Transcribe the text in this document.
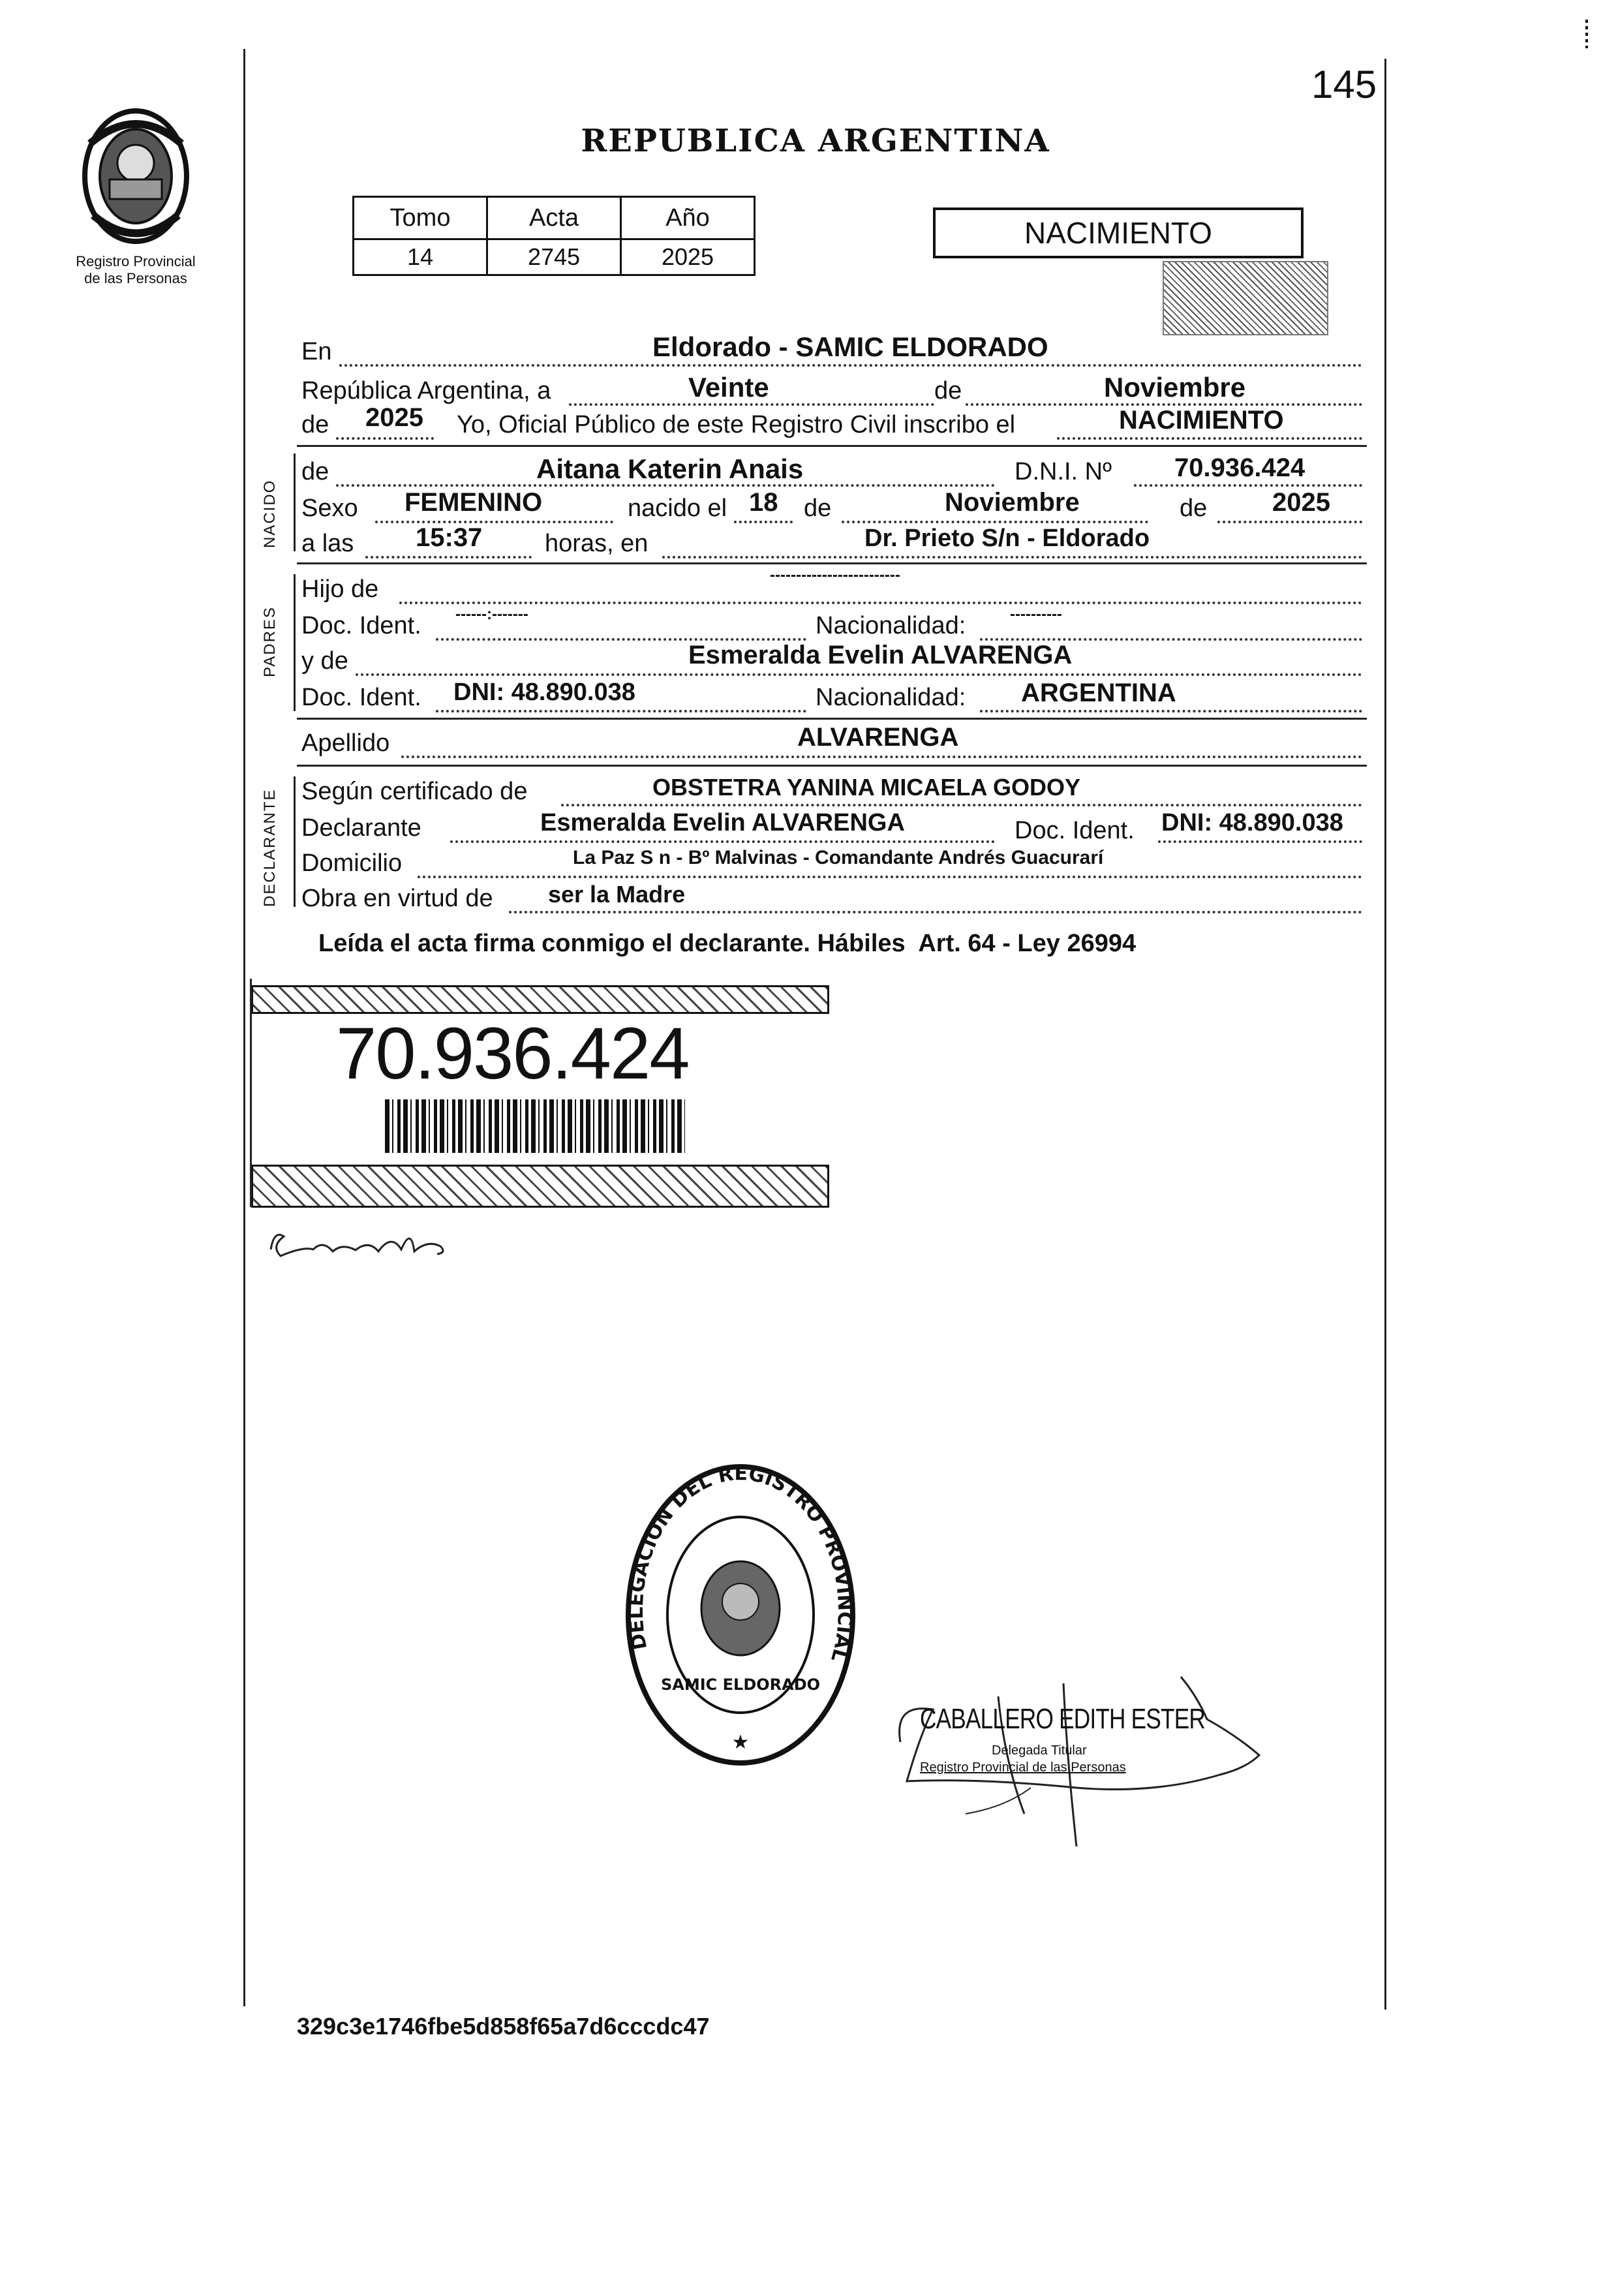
145
Registro Provincial
de las Personas
REPUBLICA ARGENTINA
Tomo	Acta	Año
14	2745	2025
NACIMIENTO
En	Eldorado - SAMIC ELDORADO
República Argentina, a	Veinte	de	Noviembre
de 2025 Yo, Oficial Público de este Registro Civil inscribo el	NACIMIENTO
NACIDO
de	Aitana Katerin Anais	D.N.I. Nº 70.936.424
Sexo FEMENINO	nacido el 18 de	Noviembre	de 2025
a las 15:37	horas, en	Dr. Prieto S/n - Eldorado
PADRES
Hijo de
-------------------------
Doc. Ident. ------:-------	Nacionalidad:	----------
y de	Esmeralda Evelin ALVARENGA
Doc. Ident. DNI: 48.890.038	Nacionalidad: ARGENTINA
Apellido	ALVARENGA
DECLARANTE Según certificado de	OBSTETRA YANINA MICAELA GODOY
Declarante	Esmeralda Evelin ALVARENGA	Doc. Ident. DNI: 48.890.038
Domicilio	La Paz S n - Bº Malvinas - Comandante Andrés Guacurarí
Obra en virtud de ser la Madre
Leída el acta firma conmigo el declarante. Hábiles  Art. 64 - Ley 26994
70.936.424
DELEGACION DEL REGISTRO PROVINCIAL
SAMIC ELDORADO
★
CABALLERO EDITH ESTER
Delegada Titular
Registro Provincial de las Personas
329c3e1746fbe5d858f65a7d6cccdc47
